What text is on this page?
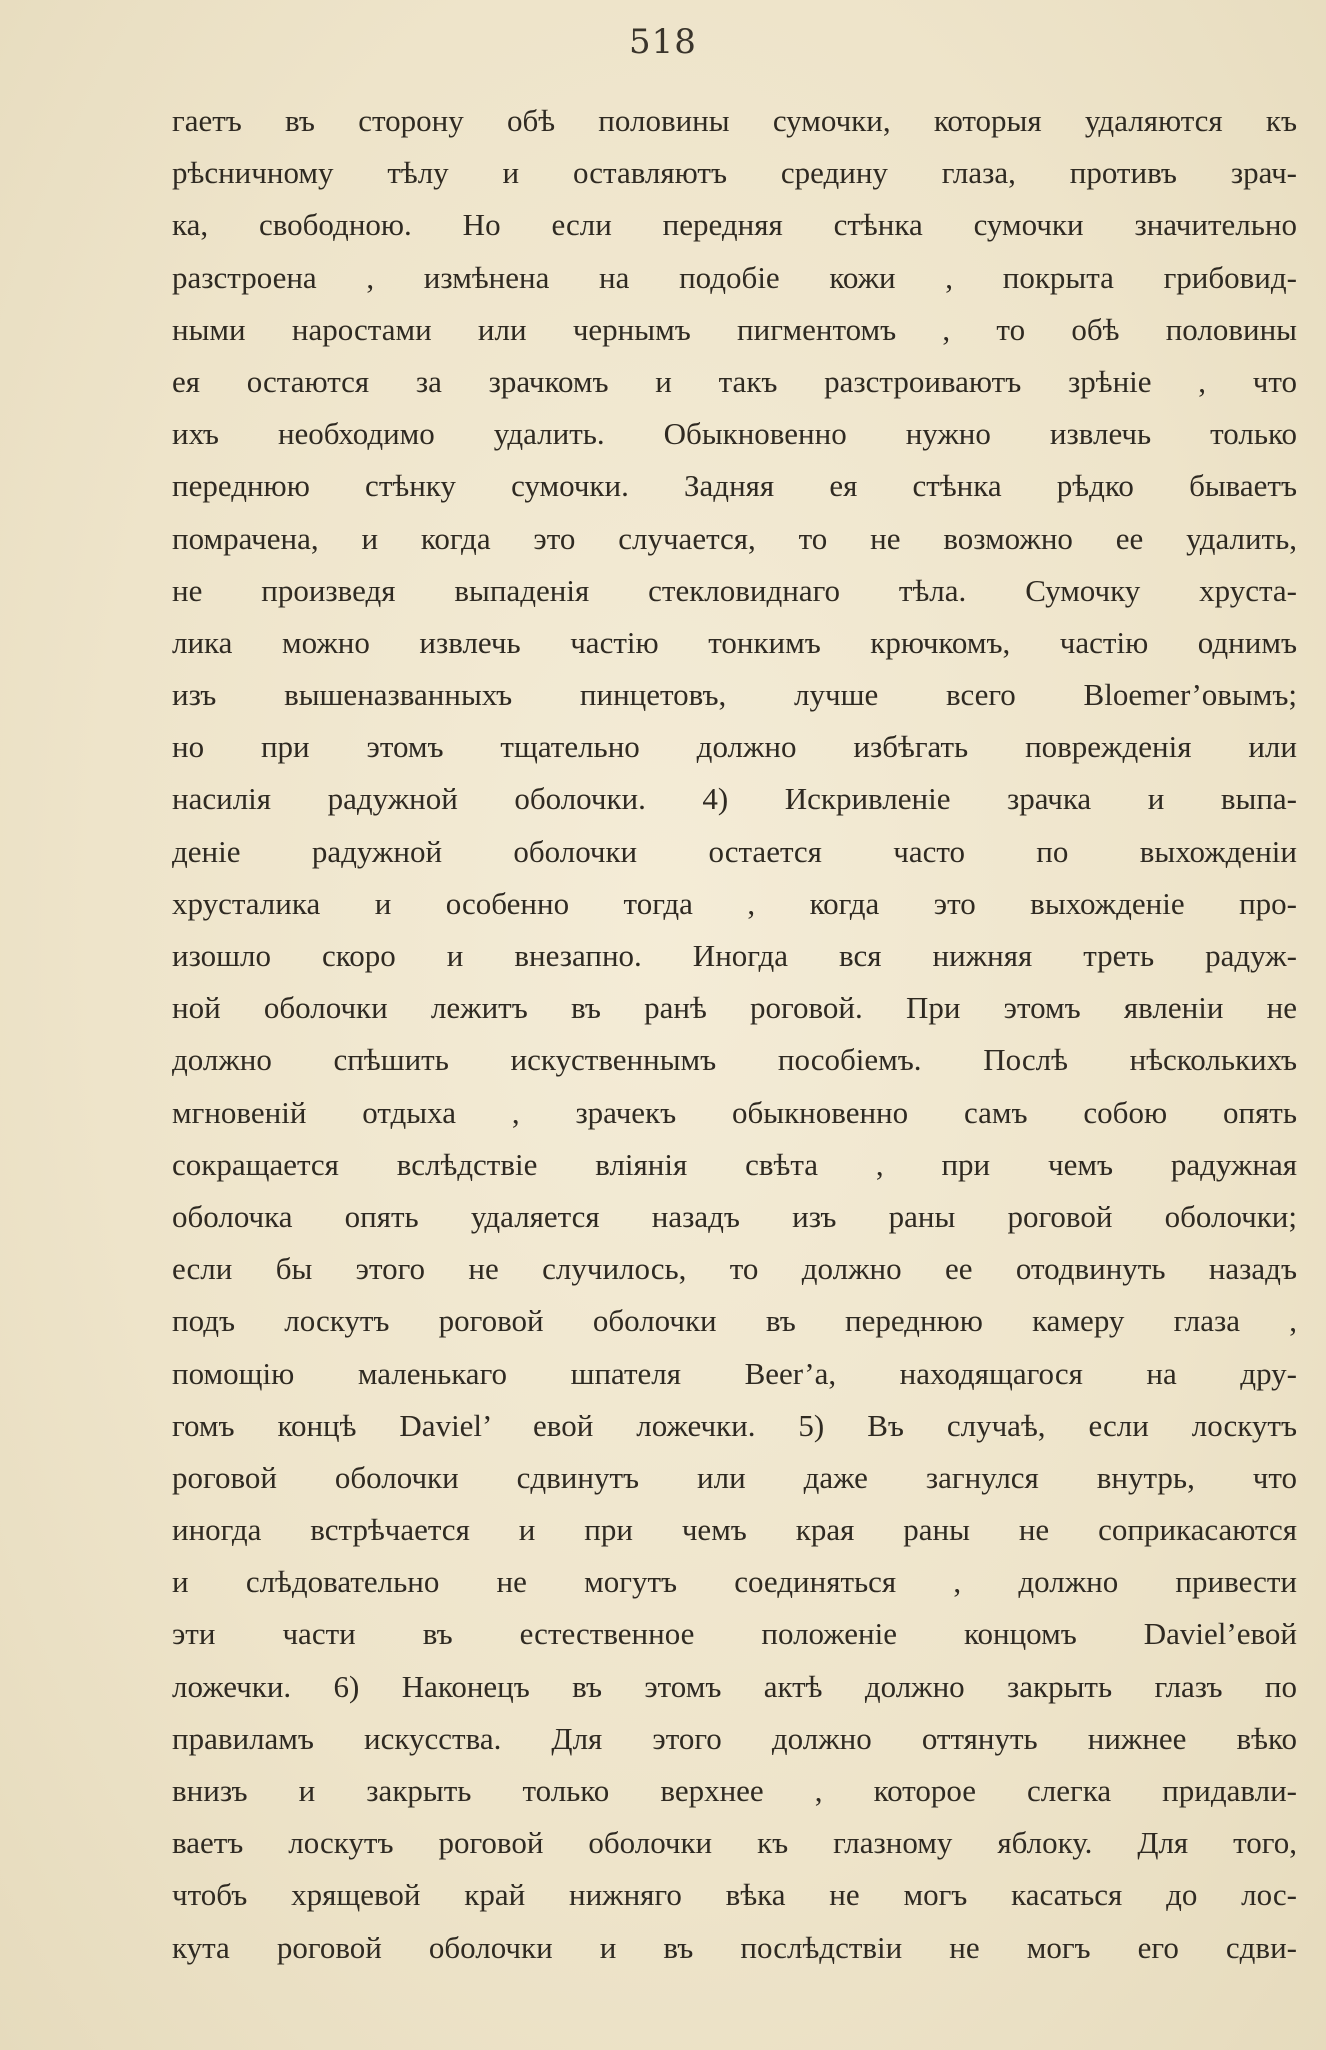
518
гаетъ въ сторону обѣ половины сумочки, которыя удаляются къ
рѣсничному тѣлу и оставляютъ средину глаза, противъ зрач-
ка, свободною. Но если передняя стѣнка сумочки значительно
разстроена , измѣнена на подобіе кожи , покрыта грибовид-
ными наростами или чернымъ пигментомъ , то обѣ половины
ея остаются за зрачкомъ и такъ разстроиваютъ зрѣніе , что
ихъ необходимо удалить. Обыкновенно нужно извлечь только
переднюю стѣнку сумочки. Задняя ея стѣнка рѣдко бываетъ
помрачена, и когда это случается, то не возможно ее удалить,
не произведя выпаденія стекловиднаго тѣла. Сумочку хруста-
лика можно извлечь частію тонкимъ крючкомъ, частію однимъ
изъ вышеназванныхъ пинцетовъ, лучше всего Bloemer’овымъ;
но при этомъ тщательно должно избѣгать поврежденія или
насилія радужной оболочки. 4) Искривленіе зрачка и выпа-
деніе радужной оболочки остается часто по выхожденіи
хрусталика и особенно тогда , когда это выхожденіе про-
изошло скоро и внезапно. Иногда вся нижняя треть радуж-
ной оболочки лежитъ въ ранѣ роговой. При этомъ явленіи не
должно спѣшить искуственнымъ пособіемъ. Послѣ нѣсколькихъ
мгновеній отдыха , зрачекъ обыкновенно самъ собою опять
сокращается вслѣдствіе вліянія свѣта , при чемъ радужная
оболочка опять удаляется назадъ изъ раны роговой оболочки;
если бы этого не случилось, то должно ее отодвинуть назадъ
подъ лоскутъ роговой оболочки въ переднюю камеру глаза ,
помощію маленькаго шпателя Beer’a, находящагося на дру-
гомъ концѣ Daviel’ евой ложечки. 5) Въ случаѣ, если лоскутъ
роговой оболочки сдвинутъ или даже загнулся внутрь, что
иногда встрѣчается и при чемъ края раны не соприкасаются
и слѣдовательно не могутъ соединяться , должно привести
эти части въ естественное положеніе концомъ Daviel’евой
ложечки. 6) Наконецъ въ этомъ актѣ должно закрыть глазъ по
правиламъ искусства. Для этого должно оттянуть нижнее вѣко
внизъ и закрыть только верхнее , которое слегка придавли-
ваетъ лоскутъ роговой оболочки къ глазному яблоку. Для того,
чтобъ хрящевой край нижняго вѣка не могъ касаться до лос-
кута роговой оболочки и въ послѣдствіи не могъ его сдви-
